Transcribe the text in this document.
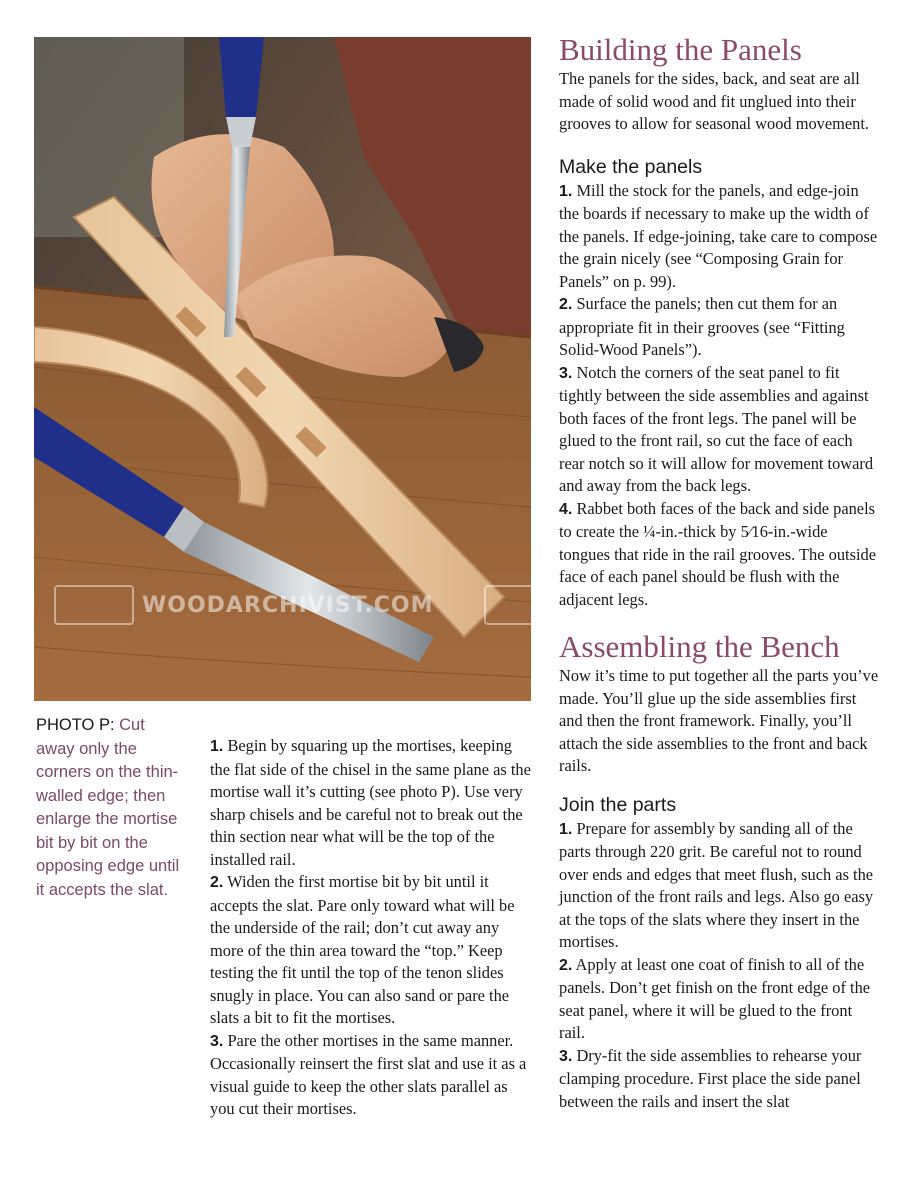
WOODARCHIVIST.COM
PHOTO P: Cut away only the corners on the thin-walled edge; then enlarge the mortise bit by bit on the opposing edge until it accepts the slat.

1. Begin by squaring up the mortises, keeping the flat side of the chisel in the same plane as the mortise wall it’s cutting (see photo P). Use very sharp chisels and be careful not to break out the thin section near what will be the top of the installed rail.

2. Widen the first mortise bit by bit until it accepts the slat. Pare only toward what will be the underside of the rail; don’t cut away any more of the thin area toward the “top.” Keep testing the fit until the top of the tenon slides snugly in place. You can also sand or pare the slats a bit to fit the mortises.

3. Pare the other mortises in the same manner. Occasionally reinsert the first slat and use it as a visual guide to keep the other slats parallel as you cut their mortises.

Building the Panels

The panels for the sides, back, and seat are all made of solid wood and fit unglued into their grooves to allow for seasonal wood movement.

Make the panels

1. Mill the stock for the panels, and edge-join the boards if necessary to make up the width of the panels. If edge-joining, take care to compose the grain nicely (see “Composing Grain for Panels” on p. 99).

2. Surface the panels; then cut them for an appropriate fit in their grooves (see “Fitting Solid-Wood Panels”).

3. Notch the corners of the seat panel to fit tightly between the side assemblies and against both faces of the front legs. The panel will be glued to the front rail, so cut the face of each rear notch so it will allow for movement toward and away from the back legs.

4. Rabbet both faces of the back and side panels to create the ¼-in.-thick by 5⁄16-in.-wide tongues that ride in the rail grooves. The outside face of each panel should be flush with the adjacent legs.

Assembling the Bench

Now it’s time to put together all the parts you’ve made. You’ll glue up the side assemblies first and then the front framework. Finally, you’ll attach the side assemblies to the front and back rails.

Join the parts

1. Prepare for assembly by sanding all of the parts through 220 grit. Be careful not to round over ends and edges that meet flush, such as the junction of the front rails and legs. Also go easy at the tops of the slats where they insert in the mortises.

2. Apply at least one coat of finish to all of the panels. Don’t get finish on the front edge of the seat panel, where it will be glued to the front rail.

3. Dry-fit the side assemblies to rehearse your clamping procedure. First place the side panel between the rails and insert the slat
